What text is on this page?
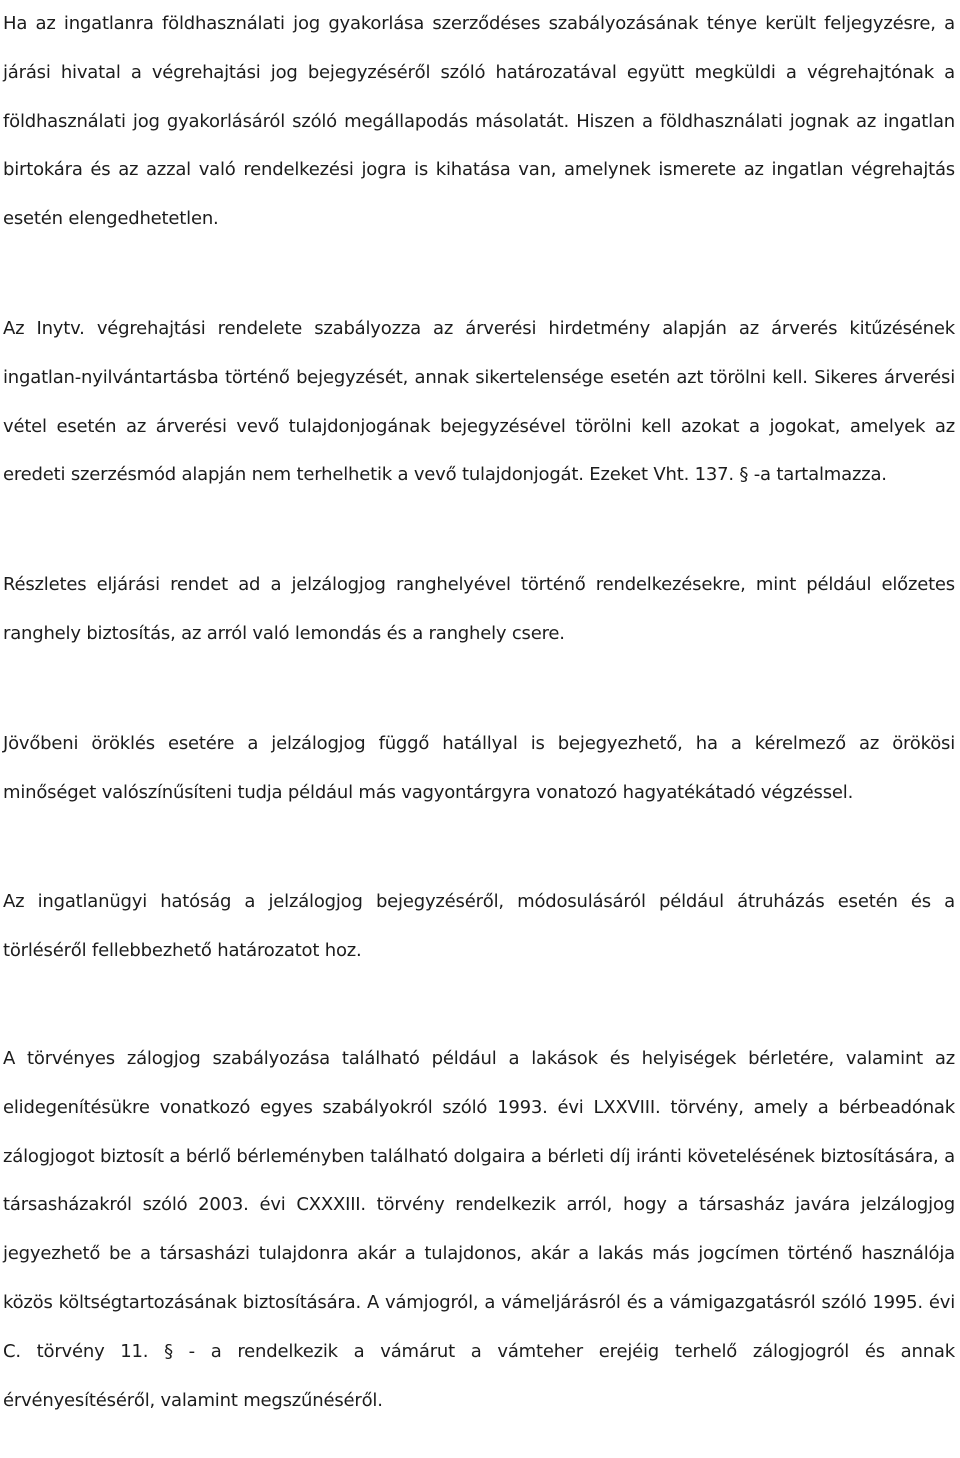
Ha az ingatlanra földhasználati jog gyakorlása szerződéses szabályozásának ténye került feljegyzésre, a járási hivatal a végrehajtási jog bejegyzéséről szóló határozatával együtt megküldi a végrehajtónak a földhasználati jog gyakorlásáról szóló megállapodás másolatát. Hiszen a földhasználati jognak az ingatlan birtokára és az azzal való rendelkezési jogra is kihatása van, amelynek ismerete az ingatlan végrehajtás esetén elengedhetetlen.

Az Inytv. végrehajtási rendelete szabályozza az árverési hirdetmény alapján az árverés kitűzésének ingatlan-nyilvántartásba történő bejegyzését, annak sikertelensége esetén azt törölni kell. Sikeres árverési vétel esetén az árverési vevő tulajdonjogának bejegyzésével törölni kell azokat a jogokat, amelyek az eredeti szerzésmód alapján nem terhelhetik a vevő tulajdonjogát. Ezeket Vht. 137. § -a tartalmazza.

Részletes eljárási rendet ad a jelzálogjog ranghelyével történő rendelkezésekre, mint például előzetes ranghely biztosítás, az arról való lemondás és a ranghely csere.

Jövőbeni öröklés esetére a jelzálogjog függő hatállyal is bejegyezhető, ha a kérelmező az örökösi minőséget valószínűsíteni tudja például más vagyontárgyra vonatozó hagyatékátadó végzéssel.

Az ingatlanügyi hatóság a jelzálogjog bejegyzéséről, módosulásáról például átruházás esetén és a törléséről fellebbezhető határozatot hoz.

A törvényes zálogjog szabályozása található például a lakások és helyiségek bérletére, valamint az elidegenítésükre vonatkozó egyes szabályokról szóló 1993. évi LXXVIII. törvény, amely a bérbeadónak zálogjogot biztosít a bérlő bérleményben található dolgaira a bérleti díj iránti követelésének biztosítására, a társasházakról szóló 2003. évi CXXXIII. törvény rendelkezik arról, hogy a társasház javára jelzálogjog jegyezhető be a társasházi tulajdonra akár a tulajdonos, akár a lakás más jogcímen történő használója közös költségtartozásának biztosítására. A vámjogról, a vámeljárásról és a vámigazgatásról szóló 1995. évi C. törvény 11. § - a rendelkezik a vámárut a vámteher erejéig terhelő zálogjogról és annak érvényesítéséről, valamint megszűnéséről.
